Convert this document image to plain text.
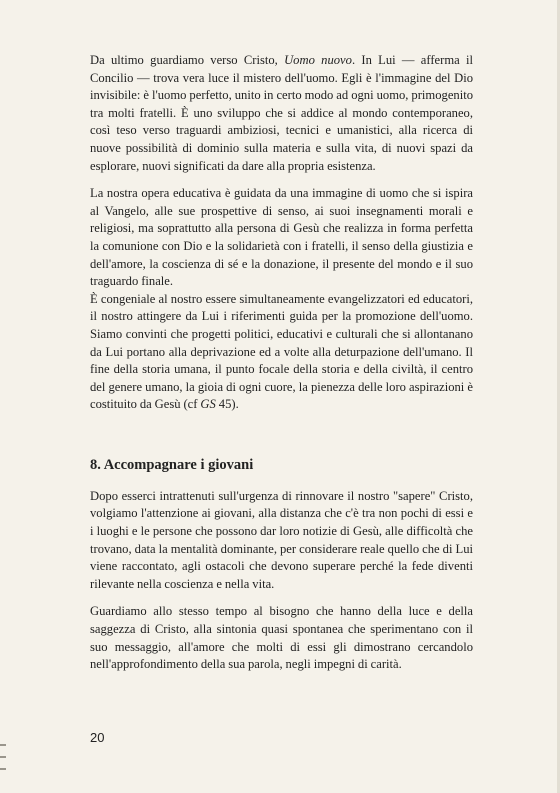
Da ultimo guardiamo verso Cristo, Uomo nuovo. In Lui — afferma il Concilio — trova vera luce il mistero dell'uomo. Egli è l'immagine del Dio invisibile: è l'uomo perfetto, unito in certo modo ad ogni uomo, primogenito tra molti fratelli. È uno sviluppo che si addice al mondo contemporaneo, così teso verso traguardi ambiziosi, tecnici e umanistici, alla ricerca di nuove possibilità di dominio sulla materia e sulla vita, di nuovi spazi da esplorare, nuovi significati da dare alla propria esistenza.

La nostra opera educativa è guidata da una immagine di uomo che si ispira al Vangelo, alle sue prospettive di senso, ai suoi insegnamenti morali e religiosi, ma soprattutto alla persona di Gesù che realizza in forma perfetta la comunione con Dio e la solidarietà con i fratelli, il senso della giustizia e dell'amore, la coscienza di sé e la donazione, il presente del mondo e il suo traguardo finale.

È congeniale al nostro essere simultaneamente evangelizzatori ed educatori, il nostro attingere da Lui i riferimenti guida per la promozione dell'uomo. Siamo convinti che progetti politici, educativi e culturali che si allontanano da Lui portano alla deprivazione ed a volte alla deturpazione dell'umano. Il fine della storia umana, il punto focale della storia e della civiltà, il centro del genere umano, la gioia di ogni cuore, la pienezza delle loro aspirazioni è costituito da Gesù (cf GS 45).

8. Accompagnare i giovani

Dopo esserci intrattenuti sull'urgenza di rinnovare il nostro "sapere" Cristo, volgiamo l'attenzione ai giovani, alla distanza che c'è tra non pochi di essi e i luoghi e le persone che possono dar loro notizie di Gesù, alle difficoltà che trovano, data la mentalità dominante, per considerare reale quello che di Lui viene raccontato, agli ostacoli che devono superare perché la fede diventi rilevante nella coscienza e nella vita.

Guardiamo allo stesso tempo al bisogno che hanno della luce e della saggezza di Cristo, alla sintonia quasi spontanea che sperimentano con il suo messaggio, all'amore che molti di essi gli dimostrano cercandolo nell'approfondimento della sua parola, negli impegni di carità.

20
